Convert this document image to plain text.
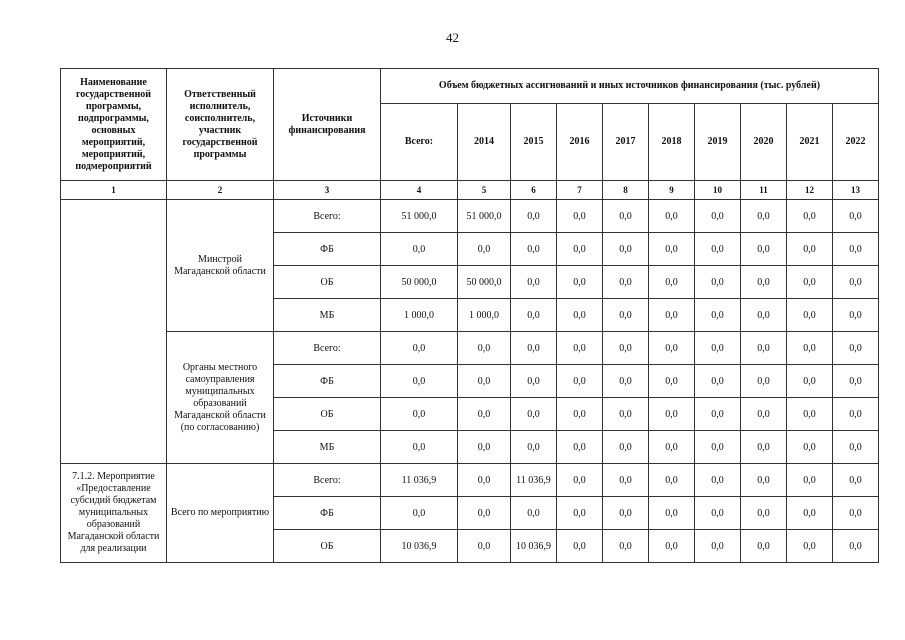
42
Наименование государственной программы, подпрограммы, основных мероприятий, мероприятий, подмероприятий	Ответственный исполнитель, соисполнитель, участник государственной программы	Источники финансирования	Объем бюджетных ассигнований и иных источников финансирования (тыс. рублей)									
			Всего:	2014	2015	2016	2017	2018	2019	2020	2021	2022
1	2	3	4	5	6	7	8	9	10	11	12	13

	Минстрой Магаданской области	Всего:	51 000,0	51 000,0	0,0	0,0	0,0	0,0	0,0	0,0	0,0	0,0
		ФБ	0,0	0,0	0,0	0,0	0,0	0,0	0,0	0,0	0,0	0,0
		ОБ	50 000,0	50 000,0	0,0	0,0	0,0	0,0	0,0	0,0	0,0	0,0
		МБ	1 000,0	1 000,0	0,0	0,0	0,0	0,0	0,0	0,0	0,0	0,0

	Органы местного самоуправления муниципальных образований Магаданской области (по согласованию)	Всего:	0,0	0,0	0,0	0,0	0,0	0,0	0,0	0,0	0,0	0,0
		ФБ	0,0	0,0	0,0	0,0	0,0	0,0	0,0	0,0	0,0	0,0
		ОБ	0,0	0,0	0,0	0,0	0,0	0,0	0,0	0,0	0,0	0,0
		МБ	0,0	0,0	0,0	0,0	0,0	0,0	0,0	0,0	0,0	0,0

7.1.2. Мероприятие «Предоставление субсидий бюджетам муниципальных образований Магаданской области для реализации	Всего по мероприятию	Всего:	11 036,9	0,0	11 036,9	0,0	0,0	0,0	0,0	0,0	0,0	0,0
		ФБ	0,0	0,0	0,0	0,0	0,0	0,0	0,0	0,0	0,0	0,0
		ОБ	10 036,9	0,0	10 036,9	0,0	0,0	0,0	0,0	0,0	0,0	0,0
